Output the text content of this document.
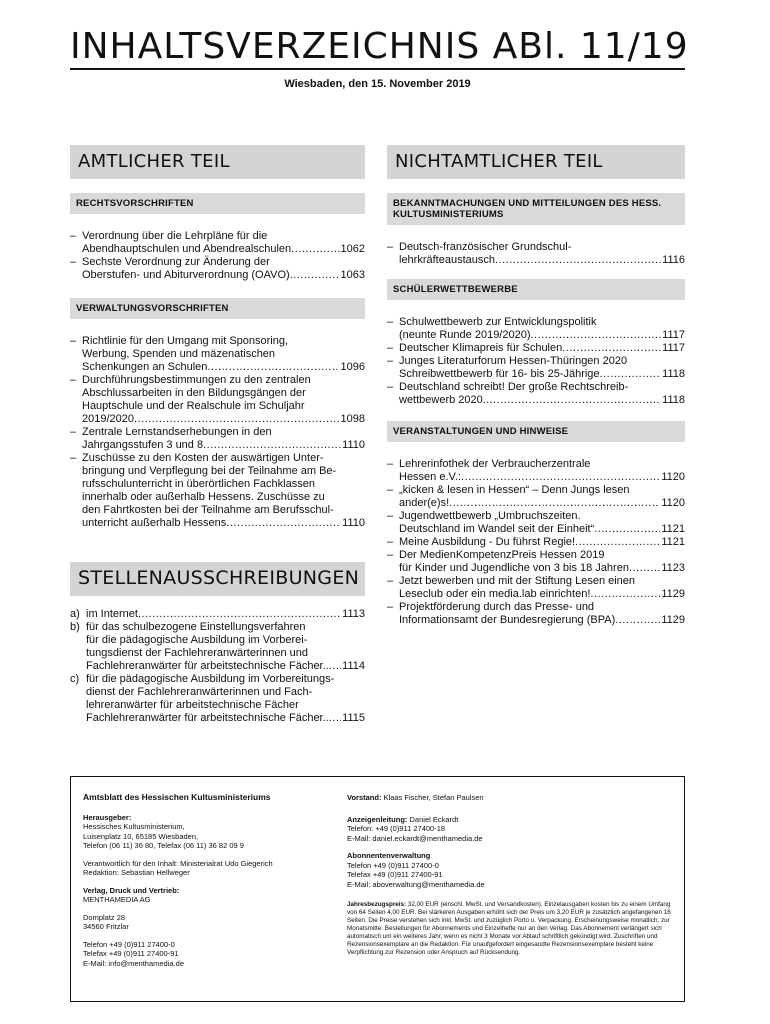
INHALTSVERZEICHNIS ABl. 11/19
Wiesbaden, den 15. November 2019
AMTLICHER TEIL
RECHTSVORSCHRIFTEN
– Verordnung über die Lehrpläne für die
Abendhauptschulen und Abendrealschulen .....	1062
– Sechste Verordnung zur Änderung der
Oberstufen- und Abiturverordnung (OAVO) .....	1063
VERWALTUNGSVORSCHRIFTEN
– Richtlinie für den Umgang mit Sponsoring,
Werbung, Spenden und mäzenatischen
Schenkungen an Schulen .....	1096
– Durchführungsbestimmungen zu den zentralen
Abschlussarbeiten in den Bildungsgängen der
Hauptschule und der Realschule im Schuljahr
2019/2020 .....	1098
– Zentrale Lernstandserhebungen in den
Jahrgangsstufen 3 und 8 .....	1110
– Zuschüsse zu den Kosten der auswärtigen Unter-
bringung und Verpflegung bei der Teilnahme am Be-
rufsschulunterricht in überörtlichen Fachklassen
innerhalb oder außerhalb Hessens. Zuschüsse zu
den Fahrtkosten bei der Teilnahme am Berufsschul-
unterricht außerhalb Hessens .....	1110
STELLENAUSSCHREIBUNGEN
a) im Internet .....	1113
b) für das schulbezogene Einstellungsverfahren
für die pädagogische Ausbildung im Vorberei-
tungsdienst der Fachlehreranwärterinnen und
Fachlehreranwärter für arbeitstechnische Fächer.. ..... 1114
c) für die pädagogische Ausbildung im Vorbereitungs-
dienst der Fachlehreranwärterinnen und Fach-
lehreranwärter für arbeitstechnische Fächer
Fachlehreranwärter für arbeitstechnische Fächer.. ..... 1115
NICHTAMTLICHER TEIL
BEKANNTMACHUNGEN UND MITTEILUNGEN DES HESS. KULTUSMINISTERIUMS
– Deutsch-französischer Grundschul-
lehrkräfteaustausch .....	1116
SCHÜLERWETTBEWERBE
– Schulwettbewerb zur Entwicklungspolitik
(neunte Runde 2019/2020) .....	1117
– Deutscher Klimapreis für Schulen .....	1117
– Junges Literaturforum Hessen-Thüringen 2020
Schreibwettbewerb für 16- bis 25-Jährige .....	1118
– Deutschland schreibt! Der große Rechtschreib-
wettbewerb 2020. .....	1118
VERANSTALTUNGEN UND HINWEISE
– Lehrerinfothek der Verbraucherzentrale
Hessen e.V.: .....	1120
– „kicken & lesen in Hessen“ – Denn Jungs lesen
ander(e)s! .....	1120
– Jugendwettbewerb „Umbruchszeiten.
Deutschland im Wandel seit der Einheit“ .....	1121
– Meine Ausbildung - Du führst Regie! .....	1121
– Der MedienKompetenzPreis Hessen 2019
für Kinder und Jugendliche von 3 bis 18 Jahren .....	1123
– Jetzt bewerben und mit der Stiftung Lesen einen
Leseclub oder ein media.lab einrichten! .....	1129
– Projektförderung durch das Presse- und
Informationsamt der Bundesregierung (BPA) .....	1129
Amtsblatt des Hessischen Kultusministeriums
Herausgeber:
Hessisches Kultusministerium,
Luisenplatz 10, 65185 Wiesbaden,
Telefon (06 11) 36 80, Telefax (06 11) 36 82 09 9
Verantwortlich für den Inhalt: Ministerialrat Udo Giegerich
Redaktion: Sebastian Hellweger
Verlag, Druck und Vertrieb:
MENTHAMEDIA AG
Domplatz 28
34560 Fritzlar
Telefon +49 (0)911 27400-0
Telefax +49 (0)911 27400-91
E-Mail: info@menthamedia.de
Vorstand: Klaas Fischer, Stefan Paulsen
Anzeigenleitung: Daniel Eckardt
Telefon: +49 (0)911 27400-18
E-Mail: daniel.eckardt@menthamedia.de
Abonnentenverwaltung
Telefon +49 (0)911 27400-0
Telefax +49 (0)911 27400-91
E-Mail: aboverwaltung@menthamedia.de
Jahresbezugspreis: 32,00 EUR (einschl. MwSt. und Versandkosten). Einzelausgaben kosten bis zu einem Umfang von 64 Seiten 4,00 EUR. Bei stärkeren Ausgaben erhöht sich der Preis um 3,20 EUR je zusätzlich angefangenen 16 Seiten. Die Preise verstehen sich inkl. MwSt. und zuzüglich Porto u. Verpackung. Erscheinungsweise monatlich, zur Monatsmitte. Bestellungen für Abonnements und Einzelhefte nur an den Verlag. Das Abonnement verlängert sich automatisch um ein weiteres Jahr, wenn es nicht 3 Monate vor Ablauf schriftlich gekündigt wird. Zuschriften und Rezensionsexemplare an die Redaktion. Für unaufgefordert eingesandte Rezensionsexemplare besteht keine Verpflichtung zur Rezension oder Anspruch auf Rücksendung.
